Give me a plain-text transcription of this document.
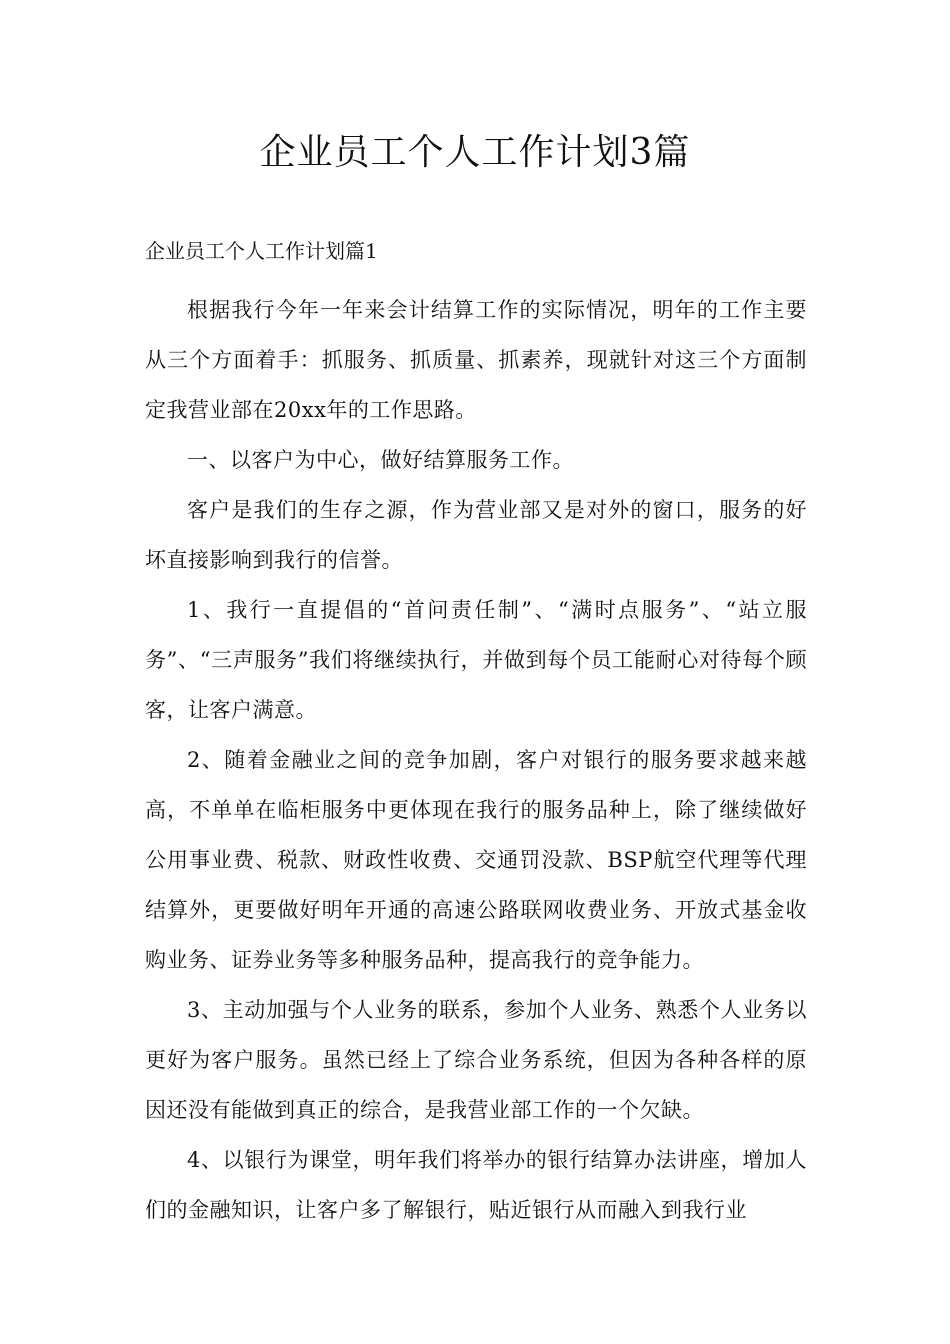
企业员工个人工作计划3篇
企业员工个人工作计划篇1

根据我行今年一年来会计结算工作的实际情况，明年的工作主要从三个方面着手：抓服务、抓质量、抓素养，现就针对这三个方面制定我营业部在20xx年的工作思路。

一、以客户为中心，做好结算服务工作。

客户是我们的生存之源，作为营业部又是对外的窗口，服务的好坏直接影响到我行的信誉。

1、我行一直提倡的“首问责任制”、“满时点服务”、“站立服务”、“三声服务”我们将继续执行，并做到每个员工能耐心对待每个顾客，让客户满意。

2、随着金融业之间的竞争加剧，客户对银行的服务要求越来越高，不单单在临柜服务中更体现在我行的服务品种上，除了继续做好公用事业费、税款、财政性收费、交通罚没款、BSP航空代理等代理结算外，更要做好明年开通的高速公路联网收费业务、开放式基金收购业务、证券业务等多种服务品种，提高我行的竞争能力。

3、主动加强与个人业务的联系，参加个人业务、熟悉个人业务以更好为客户服务。虽然已经上了综合业务系统，但因为各种各样的原因还没有能做到真正的综合，是我营业部工作的一个欠缺。

4、以银行为课堂，明年我们将举办的银行结算办法讲座，增加人们的金融知识，让客户多了解银行，贴近银行从而融入到我行业
